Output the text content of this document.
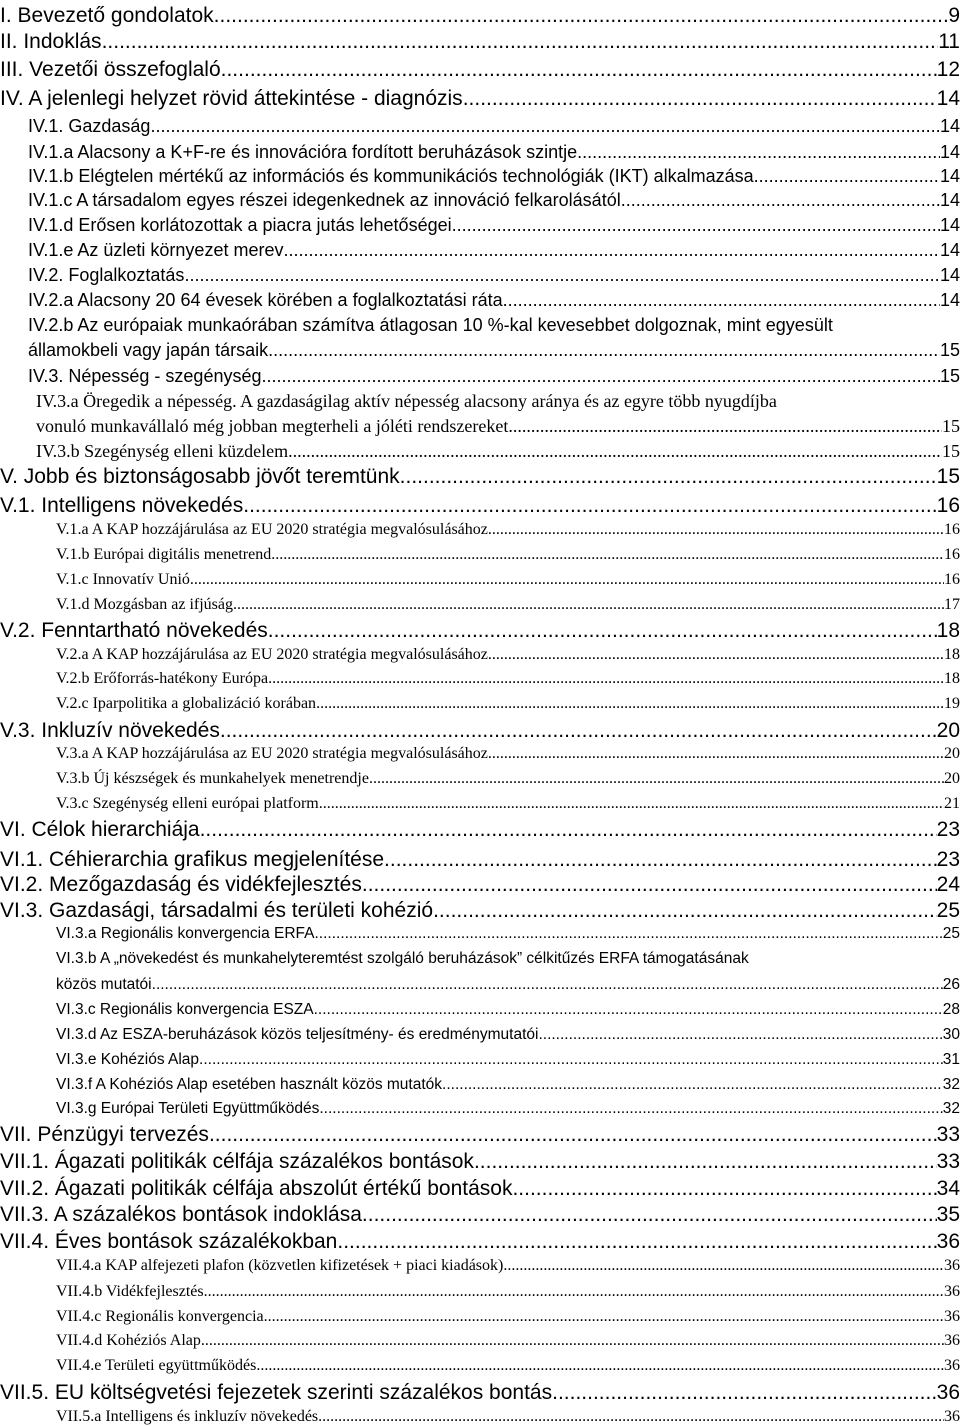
I. Bevezető gondolatok .....	9
II. Indoklás .....	11
III. Vezetői összefoglaló .....	12
IV. A jelenlegi helyzet rövid áttekintése - diagnózis .....	14
IV.1. Gazdaság .....	14
IV.1.a Alacsony a K+F-re és innovációra fordított beruházások szintje .....	14
IV.1.b Elégtelen mértékű az információs és kommunikációs technológiák (IKT) alkalmazása .....	14
IV.1.c A társadalom egyes részei idegenkednek az innováció felkarolásától .....	14
IV.1.d Erősen korlátozottak a piacra jutás lehetőségei .....	14
IV.1.e Az üzleti környezet merev .....	14
IV.2. Foglalkoztatás .....	14
IV.2.a Alacsony 20 64 évesek körében a foglalkoztatási ráta .....	14
IV.2.b Az európaiak munkaórában számítva átlagosan 10 %-kal kevesebbet dolgoznak, mint egyesült
államokbeli vagy japán társaik .....	15
IV.3. Népesség - szegénység .....	15
IV.3.a Öregedik a népesség. A gazdaságilag aktív népesség alacsony aránya és az egyre több nyugdíjba
vonuló munkavállaló még jobban megterheli a jóléti rendszereket .....	15
IV.3.b Szegénység elleni küzdelem .....	15
V. Jobb és biztonságosabb jövőt teremtünk .....	15
V.1. Intelligens növekedés .....	16
V.1.a A KAP hozzájárulása az EU 2020 stratégia megvalósulásához .....	16
V.1.b Európai digitális menetrend .....	16
V.1.c Innovatív Unió .....	16
V.1.d Mozgásban az ifjúság .....	17
V.2. Fenntartható növekedés .....	18
V.2.a A KAP hozzájárulása az EU 2020 stratégia megvalósulásához .....	18
V.2.b Erőforrás-hatékony Európa .....	18
V.2.c Iparpolitika a globalizáció korában .....	19
V.3. Inkluzív növekedés .....	20
V.3.a A KAP hozzájárulása az EU 2020 stratégia megvalósulásához .....	20
V.3.b Új készségek és munkahelyek menetrendje .....	20
V.3.c Szegénység elleni európai platform .....	21
VI. Célok hierarchiája .....	23
VI.1. Céhierarchia grafikus megjelenítése .....	23
VI.2. Mezőgazdaság és vidékfejlesztés .....	24
VI.3. Gazdasági, társadalmi és területi kohézió .....	25
VI.3.a Regionális konvergencia ERFA .....	25
VI.3.b A „növekedést és munkahelyteremtést szolgáló beruházások” célkitűzés ERFA támogatásának
közös mutatói .....	26
VI.3.c Regionális konvergencia ESZA .....	28
VI.3.d Az ESZA-beruházások közös teljesítmény- és eredménymutatói .....	30
VI.3.e Kohéziós Alap .....	31
VI.3.f A Kohéziós Alap esetében használt közös mutatók .....	32
VI.3.g Európai Területi Együttműködés .....	32
VII. Pénzügyi tervezés .....	33
VII.1. Ágazati politikák célfája százalékos bontások .....	33
VII.2. Ágazati politikák célfája abszolút értékű bontások .....	34
VII.3. A százalékos bontások indoklása .....	35
VII.4. Éves bontások százalékokban .....	36
VII.4.a KAP alfejezeti plafon (közvetlen kifizetések + piaci kiadások) .....	36
VII.4.b Vidékfejlesztés .....	36
VII.4.c Regionális konvergencia .....	36
VII.4.d Kohéziós Alap .....	36
VII.4.e Területi együttműködés .....	36
VII.5. EU költségvetési fejezetek szerinti százalékos bontás .....	36
VII.5.a Intelligens és inkluzív növekedés .....	36
